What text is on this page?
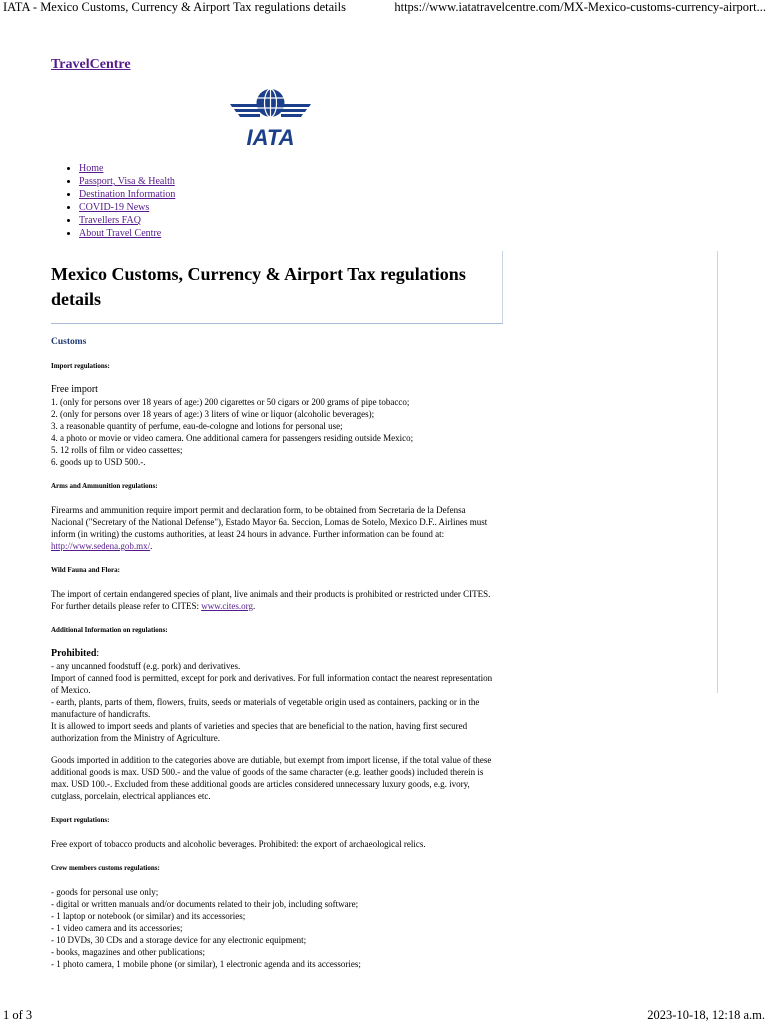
IATA - Mexico Customs, Currency & Airport Tax regulations details	https://www.iatatravelcentre.com/MX-Mexico-customs-currency-airport...
TravelCentre
IATA
• Home
• Passport, Visa & Health
• Destination Information
• COVID-19 News
• Travellers FAQ
• About Travel Centre
Mexico Customs, Currency & Airport Tax regulations details

Customs

Import regulations:

Free import

1. (only for persons over 18 years of age:) 200 cigarettes or 50 cigars or 200 grams of pipe tobacco;

2. (only for persons over 18 years of age:) 3 liters of wine or liquor (alcoholic beverages);

3. a reasonable quantity of perfume, eau-de-cologne and lotions for personal use;

4. a photo or movie or video camera. One additional camera for passengers residing outside Mexico;

5. 12 rolls of film or video cassettes;

6. goods up to USD 500.-.

Arms and Ammunition regulations:

Firearms and ammunition require import permit and declaration form, to be obtained from Secretaria de la Defensa Nacional ("Secretary of the National Defense"), Estado Mayor 6a. Seccion, Lomas de Sotelo, Mexico D.F.. Airlines must inform (in writing) the customs authorities, at least 24 hours in advance. Further information can be found at: http://www.sedena.gob.mx/.

Wild Fauna and Flora:

The import of certain endangered species of plant, live animals and their products is prohibited or restricted under CITES.

For further details please refer to CITES: www.cites.org.

Additional Information on regulations:

Prohibited:

- any uncanned foodstuff (e.g. pork) and derivatives.

Import of canned food is permitted, except for pork and derivatives. For full information contact the nearest representation of Mexico.

- earth, plants, parts of them, flowers, fruits, seeds or materials of vegetable origin used as containers, packing or in the manufacture of handicrafts.

It is allowed to import seeds and plants of varieties and species that are beneficial to the nation, having first secured authorization from the Ministry of Agriculture.

Goods imported in addition to the categories above are dutiable, but exempt from import license, if the total value of these additional goods is max. USD 500.- and the value of goods of the same character (e.g. leather goods) included therein is max. USD 100.-. Excluded from these additional goods are articles considered unnecessary luxury goods, e.g. ivory, cutglass, porcelain, electrical appliances etc.

Export regulations:

Free export of tobacco products and alcoholic beverages. Prohibited: the export of archaeological relics.

Crew members customs regulations:

- goods for personal use only;

- digital or written manuals and/or documents related to their job, including software;

- 1 laptop or notebook (or similar) and its accessories;

- 1 video camera and its accessories;

- 10 DVDs, 30 CDs and a storage device for any electronic equipment;

- books, magazines and other publications;

- 1 photo camera, 1 mobile phone (or similar), 1 electronic agenda and its accessories;

1 of 3	2023-10-18, 12:18 a.m.
